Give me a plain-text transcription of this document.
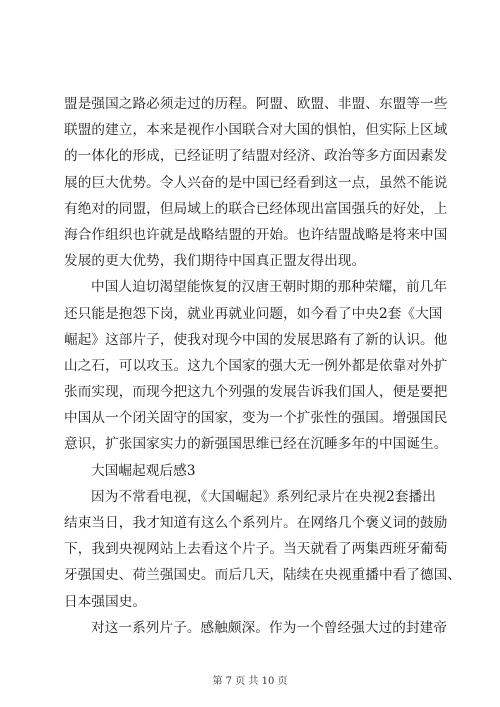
盟是强国之路必须走过的历程。阿盟、欧盟、非盟、东盟等一些
联盟的建立，本来是视作小国联合对大国的惧怕，但实际上区域
的一体化的形成，已经证明了结盟对经济、政治等多方面因素发
展的巨大优势。令人兴奋的是中国已经看到这一点，虽然不能说
有绝对的同盟，但局域上的联合已经体现出富国强兵的好处，上
海合作组织也许就是战略结盟的开始。也许结盟战略是将来中国
发展的更大优势，我们期待中国真正盟友得出现。
中国人迫切渴望能恢复的汉唐王朝时期的那种荣耀，前几年
还只能是抱怨下岗，就业再就业问题，如今看了中央2套《大国
崛起》这部片子，使我对现今中国的发展思路有了新的认识。他
山之石，可以攻玉。这九个国家的强大无一例外都是依靠对外扩
张而实现，而现今把这九个列强的发展告诉我们国人，便是要把
中国从一个闭关固守的国家，变为一个扩张性的强国。增强国民
意识，扩张国家实力的新强国思维已经在沉睡多年的中国诞生。
大国崛起观后感3
因为不常看电视，《大国崛起》系列纪录片在央视2套播出
结束当日，我才知道有这么个系列片。在网络几个褒义词的鼓励
下，我到央视网站上去看这个片子。当天就看了两集西班牙葡萄
牙强国史、荷兰强国史。而后几天，陆续在央视重播中看了德国、
日本强国史。
对这一系列片子。感触颇深。作为一个曾经强大过的封建帝
第 7 页 共 10 页
